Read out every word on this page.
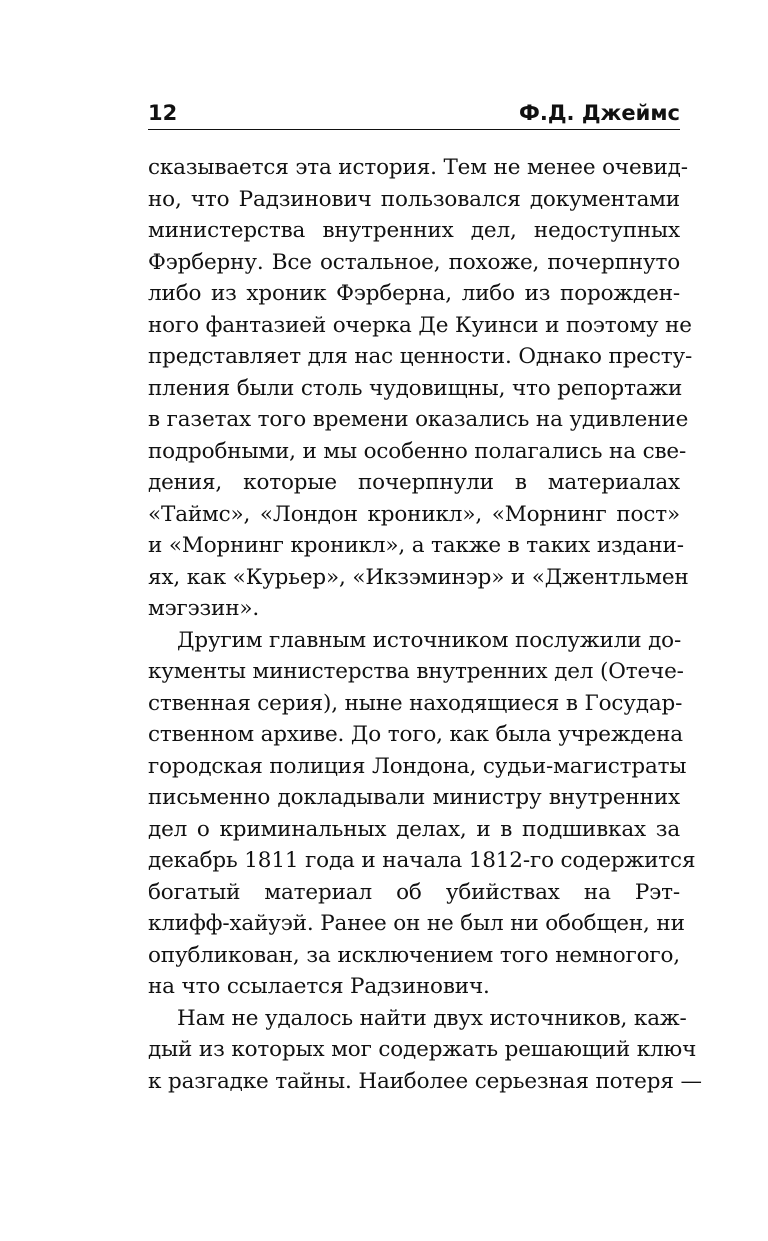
12	Ф.Д. Джеймс
сказывается эта история. Тем не менее очевид-
но, что Радзинович пользовался документами
министерства внутренних дел, недоступных
Фэрберну. Все остальное, похоже, почерпнуто
либо из хроник Фэрберна, либо из порожден-
ного фантазией очерка Де Куинси и поэтому не
представляет для нас ценности. Однако престу-
пления были столь чудовищны, что репортажи
в газетах того времени оказались на удивление
подробными, и мы особенно полагались на све-
дения, которые почерпнули в материалах
«Таймс», «Лондон кроникл», «Морнинг пост»
и «Морнинг кроникл», а также в таких издани-
ях, как «Курьер», «Икзэминэр» и «Джентльмен
мэгэзин».
Другим главным источником послужили до-
кументы министерства внутренних дел (Отече-
ственная серия), ныне находящиеся в Государ-
ственном архиве. До того, как была учреждена
городская полиция Лондона, судьи-магистраты
письменно докладывали министру внутренних
дел о криминальных делах, и в подшивках за
декабрь 1811 года и начала 1812-го содержится
богатый материал об убийствах на Рэт-
клифф-хайуэй. Ранее он не был ни обобщен, ни
опубликован, за исключением того немногого,
на что ссылается Радзинович.
Нам не удалось найти двух источников, каж-
дый из которых мог содержать решающий ключ
к разгадке тайны. Наиболее серьезная потеря —
